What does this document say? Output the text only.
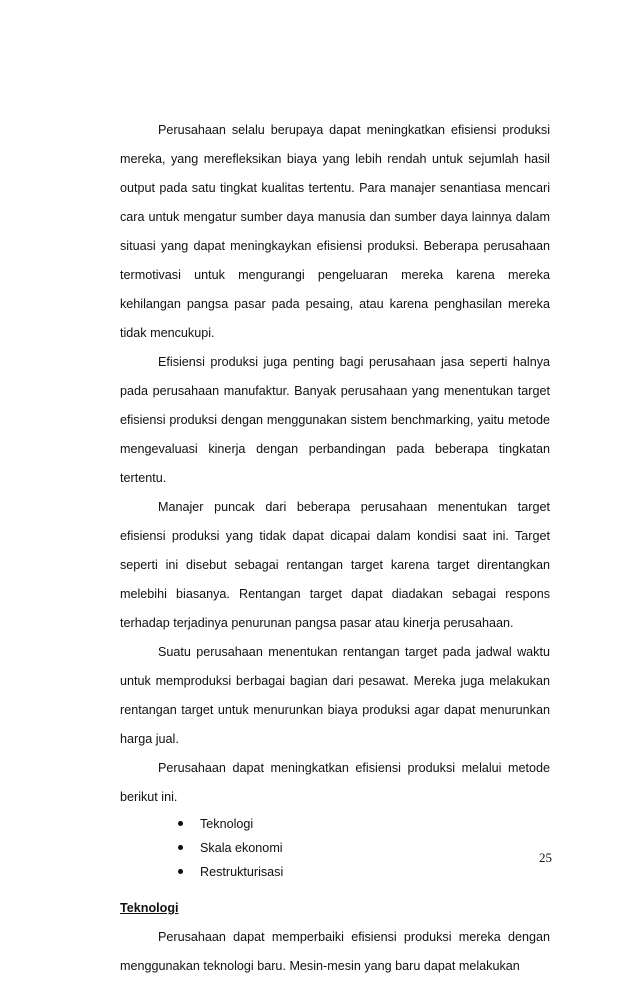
Perusahaan selalu berupaya dapat meningkatkan efisiensi produksi mereka, yang merefleksikan biaya yang lebih rendah untuk sejumlah hasil output pada satu tingkat kualitas tertentu. Para manajer senantiasa mencari cara untuk mengatur sumber daya manusia dan sumber daya lainnya dalam situasi yang dapat meningkaykan efisiensi produksi. Beberapa perusahaan termotivasi untuk mengurangi pengeluaran mereka karena mereka kehilangan pangsa pasar pada pesaing, atau karena penghasilan mereka tidak mencukupi.

Efisiensi produksi juga penting bagi perusahaan jasa seperti halnya pada perusahaan manufaktur. Banyak perusahaan yang menentukan target efisiensi produksi dengan menggunakan sistem benchmarking, yaitu metode mengevaluasi kinerja dengan perbandingan pada beberapa tingkatan tertentu.

Manajer puncak dari beberapa perusahaan menentukan target efisiensi produksi yang tidak dapat dicapai dalam kondisi saat ini. Target seperti ini disebut sebagai rentangan target karena target direntangkan melebihi biasanya. Rentangan target dapat diadakan sebagai respons terhadap terjadinya penurunan pangsa pasar atau kinerja perusahaan.

Suatu perusahaan menentukan rentangan target pada jadwal waktu untuk memproduksi berbagai bagian dari pesawat. Mereka juga melakukan rentangan target untuk menurunkan biaya produksi agar dapat menurunkan harga jual.

Perusahaan dapat meningkatkan efisiensi produksi melalui metode berikut ini.

Teknologi
Skala ekonomi
Restrukturisasi
Teknologi

Perusahaan dapat memperbaiki efisiensi produksi mereka dengan menggunakan teknologi baru. Mesin-mesin yang baru dapat melakukan

25
